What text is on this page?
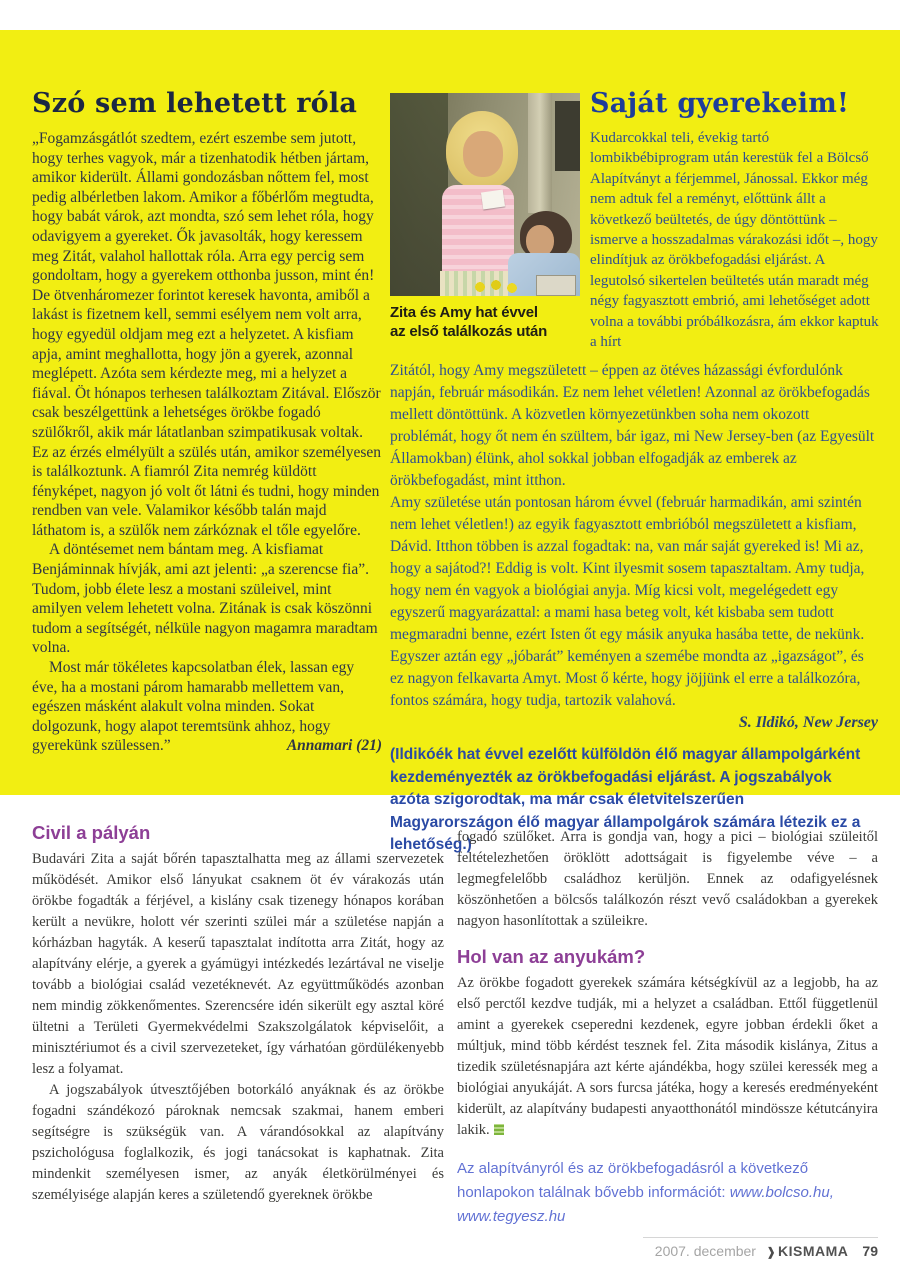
Szó sem lehetett róla

„Fogamzásgátlót szedtem, ezért eszembe sem jutott, hogy terhes vagyok, már a tizenhatodik hétben jártam, amikor kiderült. Állami gondozásban nőttem fel, most pedig albérletben lakom. Amikor a főbérlőm megtudta, hogy babát várok, azt mondta, szó sem lehet róla, hogy odavigyem a gyereket. Ők javasolták, hogy keressem meg Zitát, valahol hallottak róla. Arra egy percig sem gondoltam, hogy a gyerekem otthonba jusson, mint én! De ötvenháromezer forintot keresek havonta, amiből a lakást is fizetnem kell, semmi esélyem nem volt arra, hogy egyedül oldjam meg ezt a helyzetet. A kisfiam apja, amint meghallotta, hogy jön a gyerek, azonnal meglépett. Azóta sem kérdezte meg, mi a helyzet a fiával. Öt hónapos terhesen találkoztam Zitával. Először csak beszélgettünk a lehetséges örökbe fogadó szülőkről, akik már látatlanban szimpatikusak voltak. Ez az érzés elmélyült a szülés után, amikor személyesen is találkoztunk. A fiamról Zita nemrég küldött fényképet, nagyon jó volt őt látni és tudni, hogy minden rendben van vele. Valamikor később talán majd láthatom is, a szülők nem zárkóznak el tőle egyelőre.

A döntésemet nem bántam meg. A kisfiamat Benjáminnak hívják, ami azt jelenti: „a szerencse fia”. Tudom, jobb élete lesz a mostani szüleivel, mint amilyen velem lehetett volna. Zitának is csak köszönni tudom a segítségét, nélküle nagyon magamra maradtam volna.

Most már tökéletes kapcsolatban élek, lassan egy éve, ha a mostani párom hamarabb mellettem van, egészen másként alakult volna minden. Sokat dolgozunk, hogy alapot teremtsünk ahhoz, hogy gyerekünk szülessen.”	Annamari (21)

Zita és Amy hat évvel
az első találkozás után
Saját gyerekeim!

Kudarcokkal teli, évekig tartó lombikbébiprogram után kerestük fel a Bölcső Alapítványt a férjemmel, Jánossal. Ekkor még nem adtuk fel a reményt, előttünk állt a következő beültetés, de úgy döntöttünk – ismerve a hosszadalmas várakozási időt –, hogy elindítjuk az örökbefogadási eljárást. A legutolsó sikertelen beültetés után maradt még négy fagyasztott embrió, ami lehetőséget adott volna a további próbálkozásra, ám ekkor kaptuk a hírt

Zitától, hogy Amy megszületett – éppen az ötéves házassági évfordulónk napján, február másodikán. Ez nem lehet véletlen! Azonnal az örökbefogadás mellett döntöttünk. A közvetlen környezetünkben soha nem okozott problémát, hogy őt nem én szültem, bár igaz, mi New Jersey-ben (az Egyesült Államokban) élünk, ahol sokkal jobban elfogadják az emberek az örökbefogadást, mint itthon.

Amy születése után pontosan három évvel (február harmadikán, ami szintén nem lehet véletlen!) az egyik fagyasztott embrióból megszületett a kisfiam, Dávid. Itthon többen is azzal fogadtak: na, van már saját gyereked is! Mi az, hogy a sajátod?! Eddig is volt. Kint ilyesmit sosem tapasztaltam. Amy tudja, hogy nem én vagyok a biológiai anyja. Míg kicsi volt, megelégedett egy egyszerű magyarázattal: a mami hasa beteg volt, két kisbaba sem tudott megmaradni benne, ezért Isten őt egy másik anyuka hasába tette, de nekünk. Egyszer aztán egy „jóbarát” keményen a szemébe mondta az „igazságot”, és ez nagyon felkavarta Amyt. Most ő kérte, hogy jöjjünk el erre a találkozóra, fontos számára, hogy tudja, tartozik valahová.

S. Ildikó, New Jersey
(Ildikóék hat évvel ezelőtt külföldön élő magyar állampolgárként kezdeményezték az örökbefogadási eljárást. A jogszabályok azóta szigorodtak, ma már csak életvitelszerűen Magyarországon élő magyar állampolgárok számára létezik ez a lehetőség.)
Civil a pályán

Budavári Zita a saját bőrén tapasztalhatta meg az állami szervezetek működését. Amikor első lányukat csaknem öt év várakozás után örökbe fogadták a férjével, a kislány csak tizenegy hónapos korában került a nevükre, holott vér szerinti szülei már a születése napján a kórházban hagyták. A keserű tapasztalat indította arra Zitát, hogy az alapítvány elérje, a gyerek a gyámügyi intézkedés lezártával ne viselje tovább a biológiai család vezetéknevét. Az együttműködés azonban nem mindig zökkenőmentes. Szerencsére idén sikerült egy asztal köré ültetni a Területi Gyermekvédelmi Szakszolgálatok képviselőit, a minisztériumot és a civil szervezeteket, így várhatóan gördülékenyebb lesz a folyamat.

A jogszabályok útvesztőjében botorkáló anyáknak és az örökbe fogadni szándékozó pároknak nemcsak szakmai, hanem emberi segítségre is szükségük van. A várandósokkal az alapítvány pszichológusa foglalkozik, és jogi tanácsokat is kaphatnak. Zita mindenkit személyesen ismer, az anyák életkörülményei és személyisége alapján keres a születendő gyereknek örökbe

fogadó szülőket. Arra is gondja van, hogy a pici – biológiai szüleitől feltételezhetően öröklött adottságait is figyelembe véve – a legmegfelelőbb családhoz kerüljön. Ennek az odafigyelésnek köszönhetően a bölcsős találkozón részt vevő családokban a gyerekek nagyon hasonlítottak a szüleikre.

Hol van az anyukám?

Az örökbe fogadott gyerekek számára kétségkívül az a legjobb, ha az első perctől kezdve tudják, mi a helyzet a családban. Ettől függetlenül amint a gyerekek cseperedni kezdenek, egyre jobban érdekli őket a múltjuk, mind több kérdést tesznek fel. Zita második kislánya, Zitus a tizedik születésnapjára azt kérte ajándékba, hogy szülei keressék meg a biológiai anyukáját. A sors furcsa játéka, hogy a keresés eredményeként kiderült, az alapítvány budapesti anyaotthonától mindössze kétutcányira lakik.

Az alapítványról és az örökbefogadásról a következő honlapokon találnak bővebb információt: www.bolcso.hu, www.tegyesz.hu
2007. december ❱ KISMAMA 79
